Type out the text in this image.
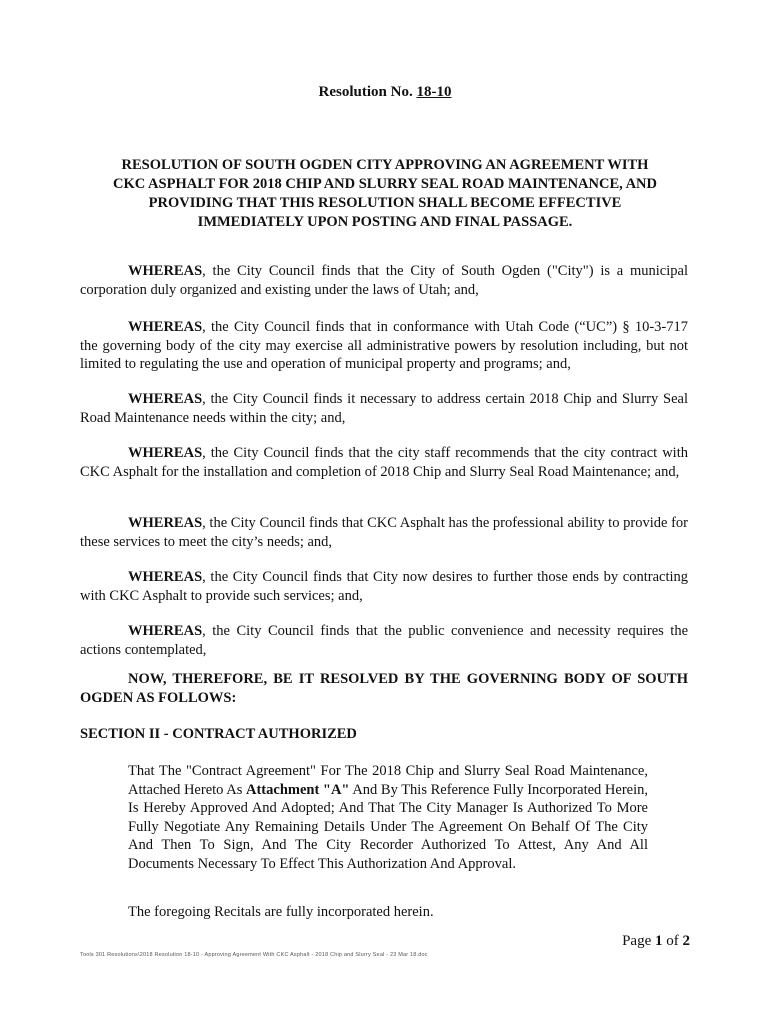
Resolution No. 18-10
RESOLUTION OF SOUTH OGDEN CITY APPROVING AN AGREEMENT WITH CKC ASPHALT FOR 2018 CHIP AND SLURRY SEAL ROAD MAINTENANCE, AND PROVIDING THAT THIS RESOLUTION SHALL BECOME EFFECTIVE IMMEDIATELY UPON POSTING AND FINAL PASSAGE.

WHEREAS, the City Council finds that the City of South Ogden ("City") is a municipal corporation duly organized and existing under the laws of Utah; and,

WHEREAS, the City Council finds that in conformance with Utah Code (“UC”) § 10-3-717 the governing body of the city may exercise all administrative powers by resolution including, but not limited to regulating the use and operation of municipal property and programs; and,

WHEREAS, the City Council finds it necessary to address certain 2018 Chip and Slurry Seal Road Maintenance needs within the city; and,

WHEREAS, the City Council finds that the city staff recommends that the city contract with CKC Asphalt for the installation and completion of 2018 Chip and Slurry Seal Road Maintenance; and,

WHEREAS, the City Council finds that CKC Asphalt has the professional ability to provide for these services to meet the city’s needs; and,

WHEREAS, the City Council finds that City now desires to further those ends by contracting with CKC Asphalt to provide such services; and,

WHEREAS, the City Council finds that the public convenience and necessity requires the actions contemplated,

NOW, THEREFORE, BE IT RESOLVED BY THE GOVERNING BODY OF SOUTH OGDEN AS FOLLOWS:

SECTION II - CONTRACT AUTHORIZED

That The "Contract Agreement" For The 2018 Chip and Slurry Seal Road Maintenance, Attached Hereto As Attachment "A" And By This Reference Fully Incorporated Herein, Is Hereby Approved And Adopted; And That The City Manager Is Authorized To More Fully Negotiate Any Remaining Details Under The Agreement On Behalf Of The City And Then To Sign, And The City Recorder Authorized To Attest, Any And All Documents Necessary To Effect This Authorization And Approval.

The foregoing Recitals are fully incorporated herein.
Page 1 of 2
Tools 301 Resolutions\2018 Resolution 18-10 - Approving Agreement With CKC Asphalt - 2018 Chip and Slurry Seal - 23 Mar 18.doc
